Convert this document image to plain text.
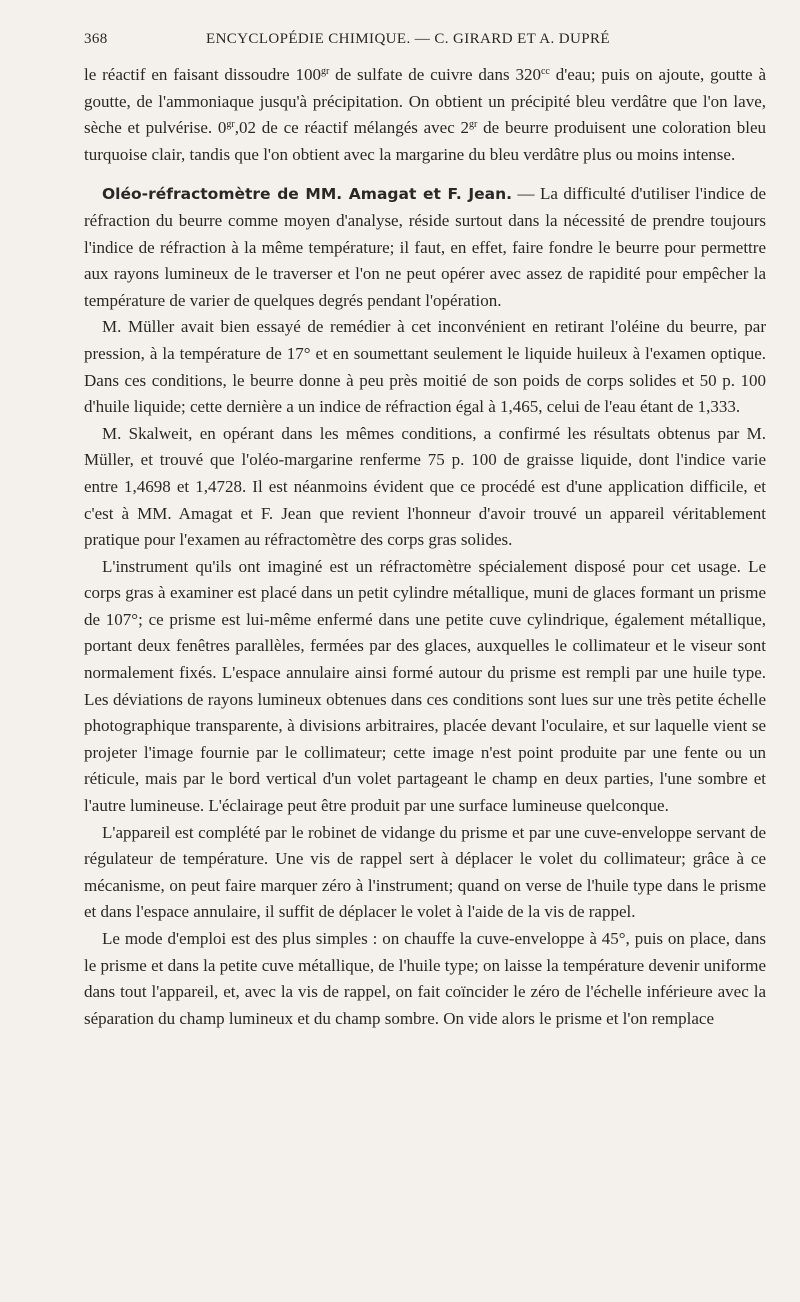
368	ENCYCLOPÉDIE CHIMIQUE. — C. GIRARD ET A. DUPRÉ

le réactif en faisant dissoudre $100^{gr}$ de sulfate de cuivre dans $320^{cc}$ d'eau; puis on ajoute, goutte à goutte, de l'ammoniaque jusqu'à précipitation. On obtient un précipité bleu verdâtre que l'on lave, sèche et pulvérise. $0^{gr},02$ de ce réactif mélangés avec $2^{gr}$ de beurre produisent une coloration bleu turquoise clair, tandis que l'on obtient avec la margarine du bleu verdâtre plus ou moins intense.

Oléo-réfractomètre de MM. Amagat et F. Jean. — La difficulté d'utiliser l'indice de réfraction du beurre comme moyen d'analyse, réside surtout dans la nécessité de prendre toujours l'indice de réfraction à la même température; il faut, en effet, faire fondre le beurre pour permettre aux rayons lumineux de le traverser et l'on ne peut opérer avec assez de rapidité pour empêcher la température de varier de quelques degrés pendant l'opération.

M. Müller avait bien essayé de remédier à cet inconvénient en retirant l'oléine du beurre, par pression, à la température de 17° et en soumettant seulement le liquide huileux à l'examen optique. Dans ces conditions, le beurre donne à peu près moitié de son poids de corps solides et 50 p. 100 d'huile liquide; cette dernière a un indice de réfraction égal à 1,465, celui de l'eau étant de 1,333.

M. Skalweit, en opérant dans les mêmes conditions, a confirmé les résultats obtenus par M. Müller, et trouvé que l'oléo-margarine renferme 75 p. 100 de graisse liquide, dont l'indice varie entre 1,4698 et 1,4728. Il est néanmoins évident que ce procédé est d'une application difficile, et c'est à MM. Amagat et F. Jean que revient l'honneur d'avoir trouvé un appareil véritablement pratique pour l'examen au réfractomètre des corps gras solides.

L'instrument qu'ils ont imaginé est un réfractomètre spécialement disposé pour cet usage. Le corps gras à examiner est placé dans un petit cylindre métallique, muni de glaces formant un prisme de 107°; ce prisme est lui-même enfermé dans une petite cuve cylindrique, également métallique, portant deux fenêtres parallèles, fermées par des glaces, auxquelles le collimateur et le viseur sont normalement fixés. L'espace annulaire ainsi formé autour du prisme est rempli par une huile type. Les déviations de rayons lumineux obtenues dans ces conditions sont lues sur une très petite échelle photographique transparente, à divisions arbitraires, placée devant l'oculaire, et sur laquelle vient se projeter l'image fournie par le collimateur; cette image n'est point produite par une fente ou un réticule, mais par le bord vertical d'un volet partageant le champ en deux parties, l'une sombre et l'autre lumineuse. L'éclairage peut être produit par une surface lumineuse quelconque.

L'appareil est complété par le robinet de vidange du prisme et par une cuve-enveloppe servant de régulateur de température. Une vis de rappel sert à déplacer le volet du collimateur; grâce à ce mécanisme, on peut faire marquer zéro à l'instrument; quand on verse de l'huile type dans le prisme et dans l'espace annulaire, il suffit de déplacer le volet à l'aide de la vis de rappel.

Le mode d'emploi est des plus simples : on chauffe la cuve-enveloppe à 45°, puis on place, dans le prisme et dans la petite cuve métallique, de l'huile type; on laisse la température devenir uniforme dans tout l'appareil, et, avec la vis de rappel, on fait coïncider le zéro de l'échelle inférieure avec la séparation du champ lumineux et du champ sombre. On vide alors le prisme et l'on remplace
